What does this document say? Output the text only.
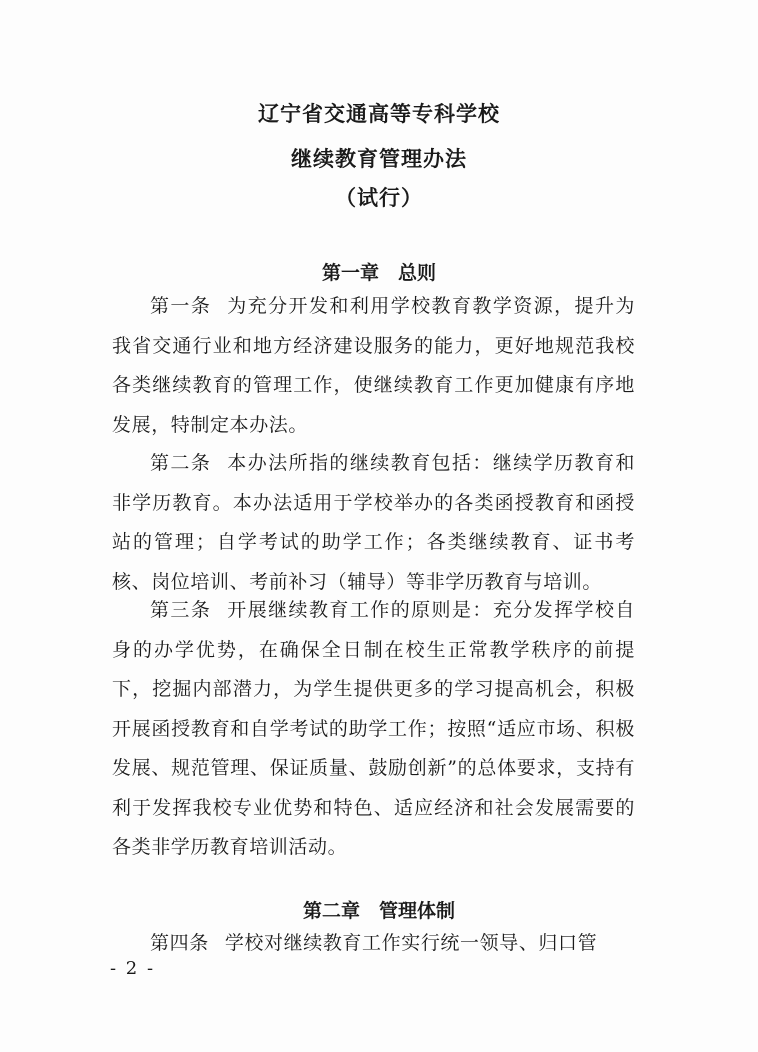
辽宁省交通高等专科学校
继续教育管理办法
（试行）
第一章　总则
第一条 为充分开发和利用学校教育教学资源，提升为我省交通行业和地方经济建设服务的能力，更好地规范我校各类继续教育的管理工作，使继续教育工作更加健康有序地发展，特制定本办法。
第二条 本办法所指的继续教育包括：继续学历教育和非学历教育。本办法适用于学校举办的各类函授教育和函授站的管理；自学考试的助学工作；各类继续教育、证书考核、岗位培训、考前补习（辅导）等非学历教育与培训。
第三条 开展继续教育工作的原则是：充分发挥学校自身的办学优势，在确保全日制在校生正常教学秩序的前提下，挖掘内部潜力，为学生提供更多的学习提高机会，积极开展函授教育和自学考试的助学工作；按照“适应市场、积极发展、规范管理、保证质量、鼓励创新”的总体要求，支持有利于发挥我校专业优势和特色、适应经济和社会发展需要的各类非学历教育培训活动。
第二章　管理体制
第四条 学校对继续教育工作实行统一领导、归口管
- 2 -
